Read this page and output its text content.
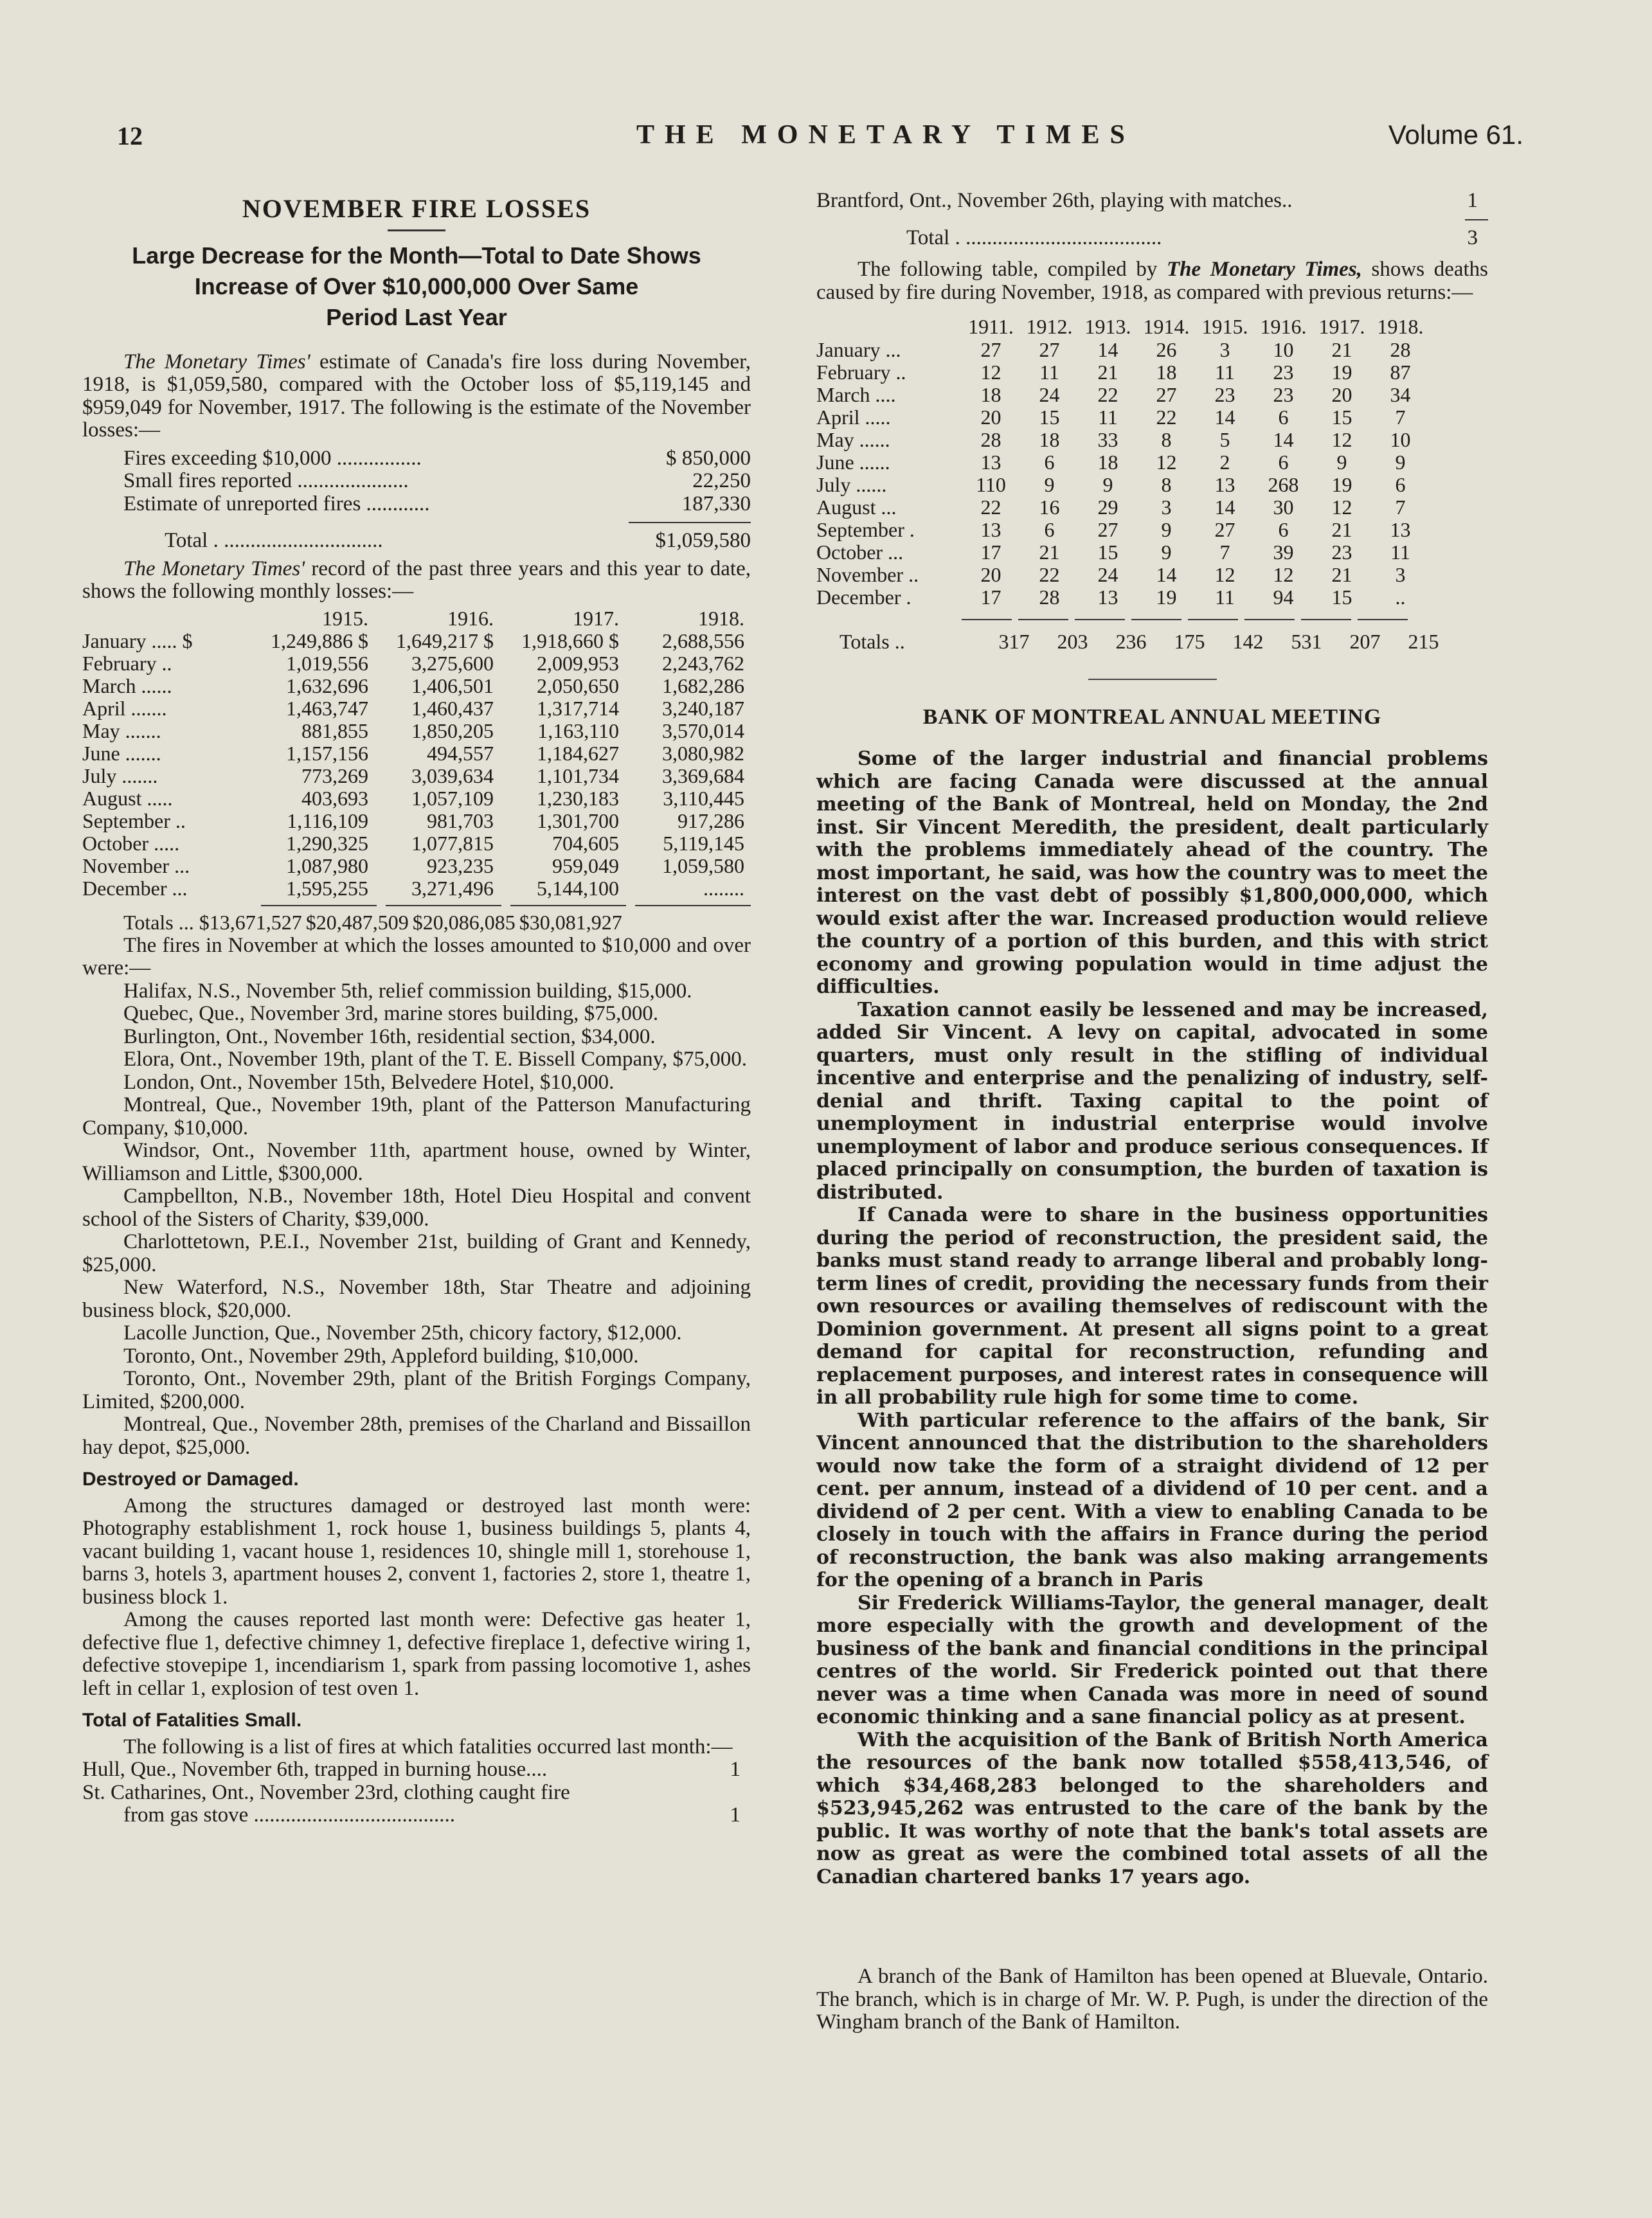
12	THE MONETARY TIMES	Volume 61.
NOVEMBER FIRE LOSSES
Large Decrease for the Month—Total to Date Shows
Increase of Over $10,000,000 Over Same
Period Last Year

The Monetary Times' estimate of Canada's fire loss during November, 1918, is $1,059,580, compared with the October loss of $5,119,145 and $959,049 for November, 1917. The following is the estimate of the November losses:—

Fires exceeding $10,000 ................	$ 850,000
Small fires reported .....................	22,250
Estimate of unreported fires ............	187,330
Total . ..............................	$1,059,580

The Monetary Times' record of the past three years and this year to date, shows the following monthly losses:—

	1915.	1916.	1917.	1918.
January ..... $	1,249,886 $	1,649,217 $	1,918,660 $	2,688,556
February ..	1,019,556	3,275,600	2,009,953	2,243,762
March ......	1,632,696	1,406,501	2,050,650	1,682,286
April .......	1,463,747	1,460,437	1,317,714	3,240,187
May .......	881,855	1,850,205	1,163,110	3,570,014
June .......	1,157,156	494,557	1,184,627	3,080,982
July .......	773,269	3,039,634	1,101,734	3,369,684
August .....	403,693	1,057,109	1,230,183	3,110,445
September ..	1,116,109	981,703	1,301,700	917,286
October .....	1,290,325	1,077,815	704,605	5,119,145
November ...	1,087,980	923,235	959,049	1,059,580
December ...	1,595,255	3,271,496	5,144,100	........
Totals ... $13,671,527 $20,487,509 $20,086,085 $30,081,927

The fires in November at which the losses amounted to $10,000 and over were:—

Halifax, N.S., November 5th, relief commission building, $15,000.

Quebec, Que., November 3rd, marine stores building, $75,000.

Burlington, Ont., November 16th, residential section, $34,000.

Elora, Ont., November 19th, plant of the T. E. Bissell Company, $75,000.

London, Ont., November 15th, Belvedere Hotel, $10,000.

Montreal, Que., November 19th, plant of the Patterson Manufacturing Company, $10,000.

Windsor, Ont., November 11th, apartment house, owned by Winter, Williamson and Little, $300,000.

Campbellton, N.B., November 18th, Hotel Dieu Hospital and convent school of the Sisters of Charity, $39,000.

Charlottetown, P.E.I., November 21st, building of Grant and Kennedy, $25,000.

New Waterford, N.S., November 18th, Star Theatre and adjoining business block, $20,000.

Lacolle Junction, Que., November 25th, chicory factory, $12,000.

Toronto, Ont., November 29th, Appleford building, $10,000.

Toronto, Ont., November 29th, plant of the British Forgings Company, Limited, $200,000.

Montreal, Que., November 28th, premises of the Charland and Bissaillon hay depot, $25,000.

Destroyed or Damaged.

Among the structures damaged or destroyed last month were: Photography establishment 1, rock house 1, business buildings 5, plants 4, vacant building 1, vacant house 1, residences 10, shingle mill 1, storehouse 1, barns 3, hotels 3, apartment houses 2, convent 1, factories 2, store 1, theatre 1, business block 1.

Among the causes reported last month were: Defective gas heater 1, defective flue 1, defective chimney 1, defective fireplace 1, defective wiring 1, defective stovepipe 1, incendiarism 1, spark from passing locomotive 1, ashes left in cellar 1, explosion of test oven 1.

Total of Fatalities Small.

The following is a list of fires at which fatalities occurred last month:—

Hull, Que., November 6th, trapped in burning house....	1
St. Catharines, Ont., November 23rd, clothing caught fire
from gas stove ......................................	1
Brantford, Ont., November 26th, playing with matches..	1
Total . .....................................	3

The following table, compiled by The Monetary Times, shows deaths caused by fire during November, 1918, as compared with previous returns:—

	1911.	1912.	1913.	1914.	1915.	1916.	1917.	1918.
January ...	27	27	14	26	3	10	21	28
February ..	12	11	21	18	11	23	19	87
March ....	18	24	22	27	23	23	20	34
April .....	20	15	11	22	14	6	15	7
May ......	28	18	33	8	5	14	12	10
June ......	13	6	18	12	2	6	9	9
July ......	110	9	9	8	13	268	19	6
August ...	22	16	29	3	14	30	12	7
September .	13	6	27	9	27	6	21	13
October ...	17	21	15	9	7	39	23	11
November ..	20	22	24	14	12	12	21	3
December .	17	28	13	19	11	94	15	..
Totals ..	317	203	236	175	142	531	207	215
BANK OF MONTREAL ANNUAL MEETING

Some of the larger industrial and financial problems which are facing Canada were discussed at the annual meeting of the Bank of Montreal, held on Monday, the 2nd inst. Sir Vincent Meredith, the president, dealt particularly with the problems immediately ahead of the country. The most important, he said, was how the country was to meet the interest on the vast debt of possibly $1,800,000,000, which would exist after the war. Increased production would relieve the country of a portion of this burden, and this with strict economy and growing population would in time adjust the difficulties.

Taxation cannot easily be lessened and may be increased, added Sir Vincent. A levy on capital, advocated in some quarters, must only result in the stifling of individual incentive and enterprise and the penalizing of industry, self-denial and thrift. Taxing capital to the point of unemployment in industrial enterprise would involve unemployment of labor and produce serious consequences. If placed principally on consumption, the burden of taxation is distributed.

If Canada were to share in the business opportunities during the period of reconstruction, the president said, the banks must stand ready to arrange liberal and probably long-term lines of credit, providing the necessary funds from their own resources or availing themselves of rediscount with the Dominion government. At present all signs point to a great demand for capital for reconstruction, refunding and replacement purposes, and interest rates in consequence will in all probability rule high for some time to come.

With particular reference to the affairs of the bank, Sir Vincent announced that the distribution to the shareholders would now take the form of a straight dividend of 12 per cent. per annum, instead of a dividend of 10 per cent. and a dividend of 2 per cent. With a view to enabling Canada to be closely in touch with the affairs in France during the period of reconstruction, the bank was also making arrangements for the opening of a branch in Paris

Sir Frederick Williams-Taylor, the general manager, dealt more especially with the growth and development of the business of the bank and financial conditions in the principal centres of the world. Sir Frederick pointed out that there never was a time when Canada was more in need of sound economic thinking and a sane financial policy as at present.

With the acquisition of the Bank of British North America the resources of the bank now totalled $558,413,546, of which $34,468,283 belonged to the shareholders and $523,945,262 was entrusted to the care of the bank by the public. It was worthy of note that the bank's total assets are now as great as were the combined total assets of all the Canadian chartered banks 17 years ago.

A branch of the Bank of Hamilton has been opened at Bluevale, Ontario. The branch, which is in charge of Mr. W. P. Pugh, is under the direction of the Wingham branch of the Bank of Hamilton.
